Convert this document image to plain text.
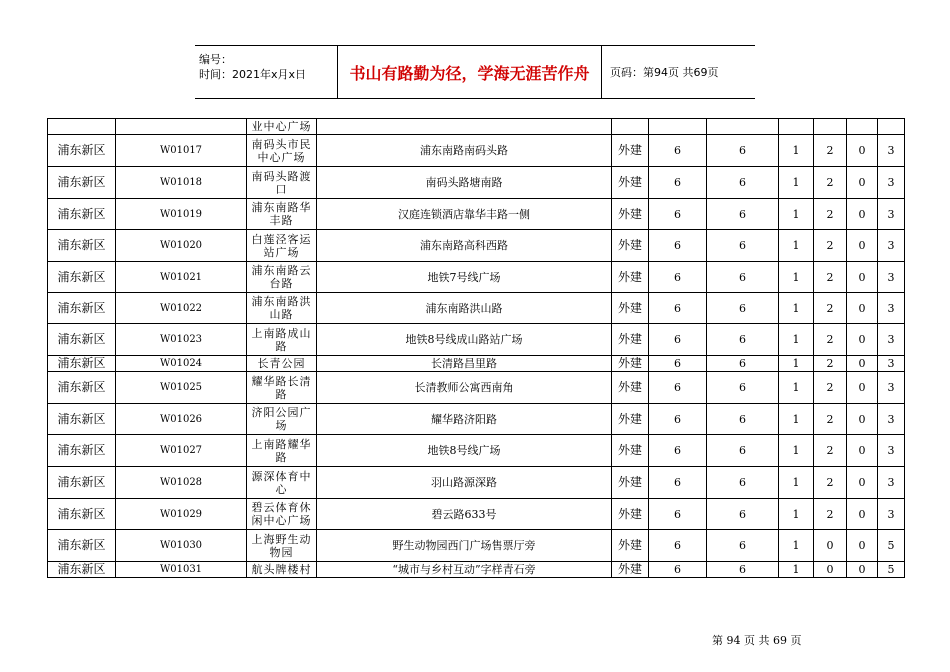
编号：
时间：2021年x月x日	书山有路勤为径，学海无涯苦作舟	页码：第94页 共69页
		业中心广场								
浦东新区	W01017	南码头市民中心广场	浦东南路南码头路	外建	6	6	1	2	0	3
浦东新区	W01018	南码头路渡口	南码头路塘南路	外建	6	6	1	2	0	3
浦东新区	W01019	浦东南路华丰路	汉庭连锁酒店靠华丰路一侧	外建	6	6	1	2	0	3
浦东新区	W01020	白莲泾客运站广场	浦东南路高科西路	外建	6	6	1	2	0	3
浦东新区	W01021	浦东南路云台路	地铁7号线广场	外建	6	6	1	2	0	3
浦东新区	W01022	浦东南路洪山路	浦东南路洪山路	外建	6	6	1	2	0	3
浦东新区	W01023	上南路成山路	地铁8号线成山路站广场	外建	6	6	1	2	0	3
浦东新区	W01024	长青公园	长清路昌里路	外建	6	6	1	2	0	3
浦东新区	W01025	耀华路长清路	长清教师公寓西南角	外建	6	6	1	2	0	3
浦东新区	W01026	济阳公园广场	耀华路济阳路	外建	6	6	1	2	0	3
浦东新区	W01027	上南路耀华路	地铁8号线广场	外建	6	6	1	2	0	3
浦东新区	W01028	源深体育中心	羽山路源深路	外建	6	6	1	2	0	3
浦东新区	W01029	碧云体育休闲中心广场	碧云路633号	外建	6	6	1	2	0	3
浦东新区	W01030	上海野生动物园	野生动物园西门广场售票厅旁	外建	6	6	1	0	0	5
浦东新区	W01031	航头牌楼村	“城市与乡村互动”字样青石旁	外建	6	6	1	0	0	5
第 94 页 共 69 页
